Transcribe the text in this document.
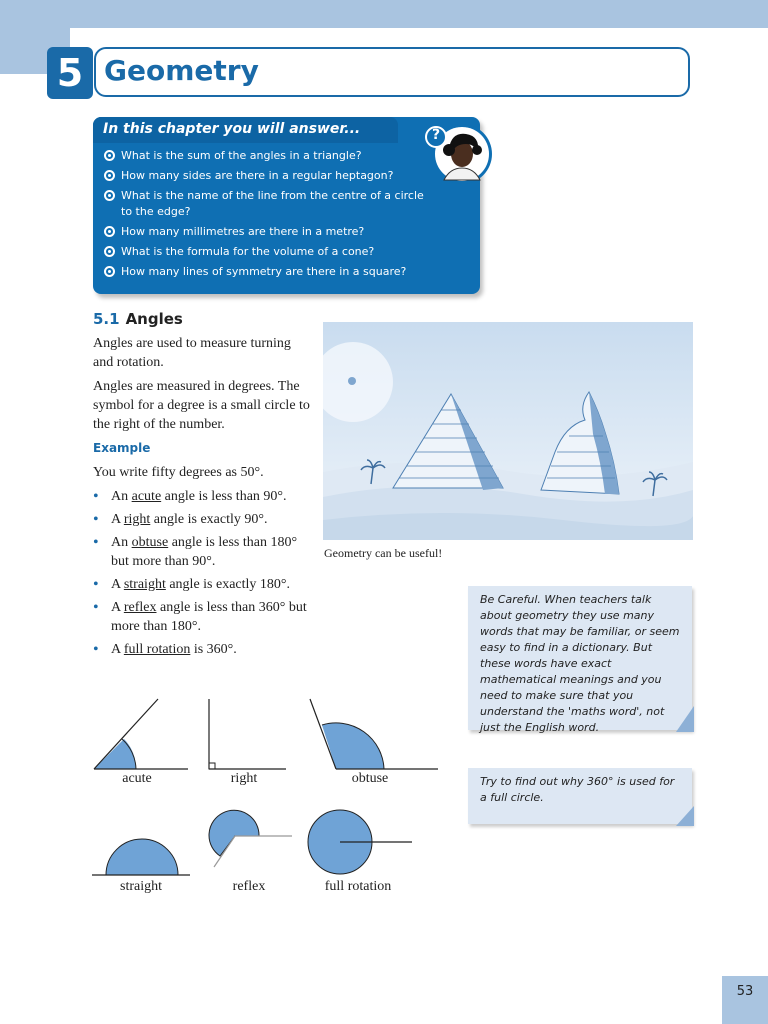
5 Geometry
In this chapter you will answer...
What is the sum of the angles in a triangle?
How many sides are there in a regular heptagon?
What is the name of the line from the centre of a circle to the edge?
How many millimetres are there in a metre?
What is the formula for the volume of a cone?
How many lines of symmetry are there in a square?
?
5.1 Angles

Angles are used to measure turning and rotation.

Angles are measured in degrees. The symbol for a degree is a small circle to the right of the number.

Example

You write fifty degrees as 50°.

• An acute angle is less than 90°.
• A right angle is exactly 90°.
• An obtuse angle is less than 180° but more than 90°.
• A straight angle is exactly 180°.
• A reflex angle is less than 360° but more than 180°.
• A full rotation is 360°.
Geometry can be useful!
Be Careful. When teachers talk about geometry they use many words that may be familiar, or seem easy to find in a dictionary. But these words have exact mathematical meanings and you need to make sure that you understand the 'maths word', not just the English word.
Try to find out why 360° is used for a full circle.
acute	right	obtuse
straight	reflex	full rotation
53
